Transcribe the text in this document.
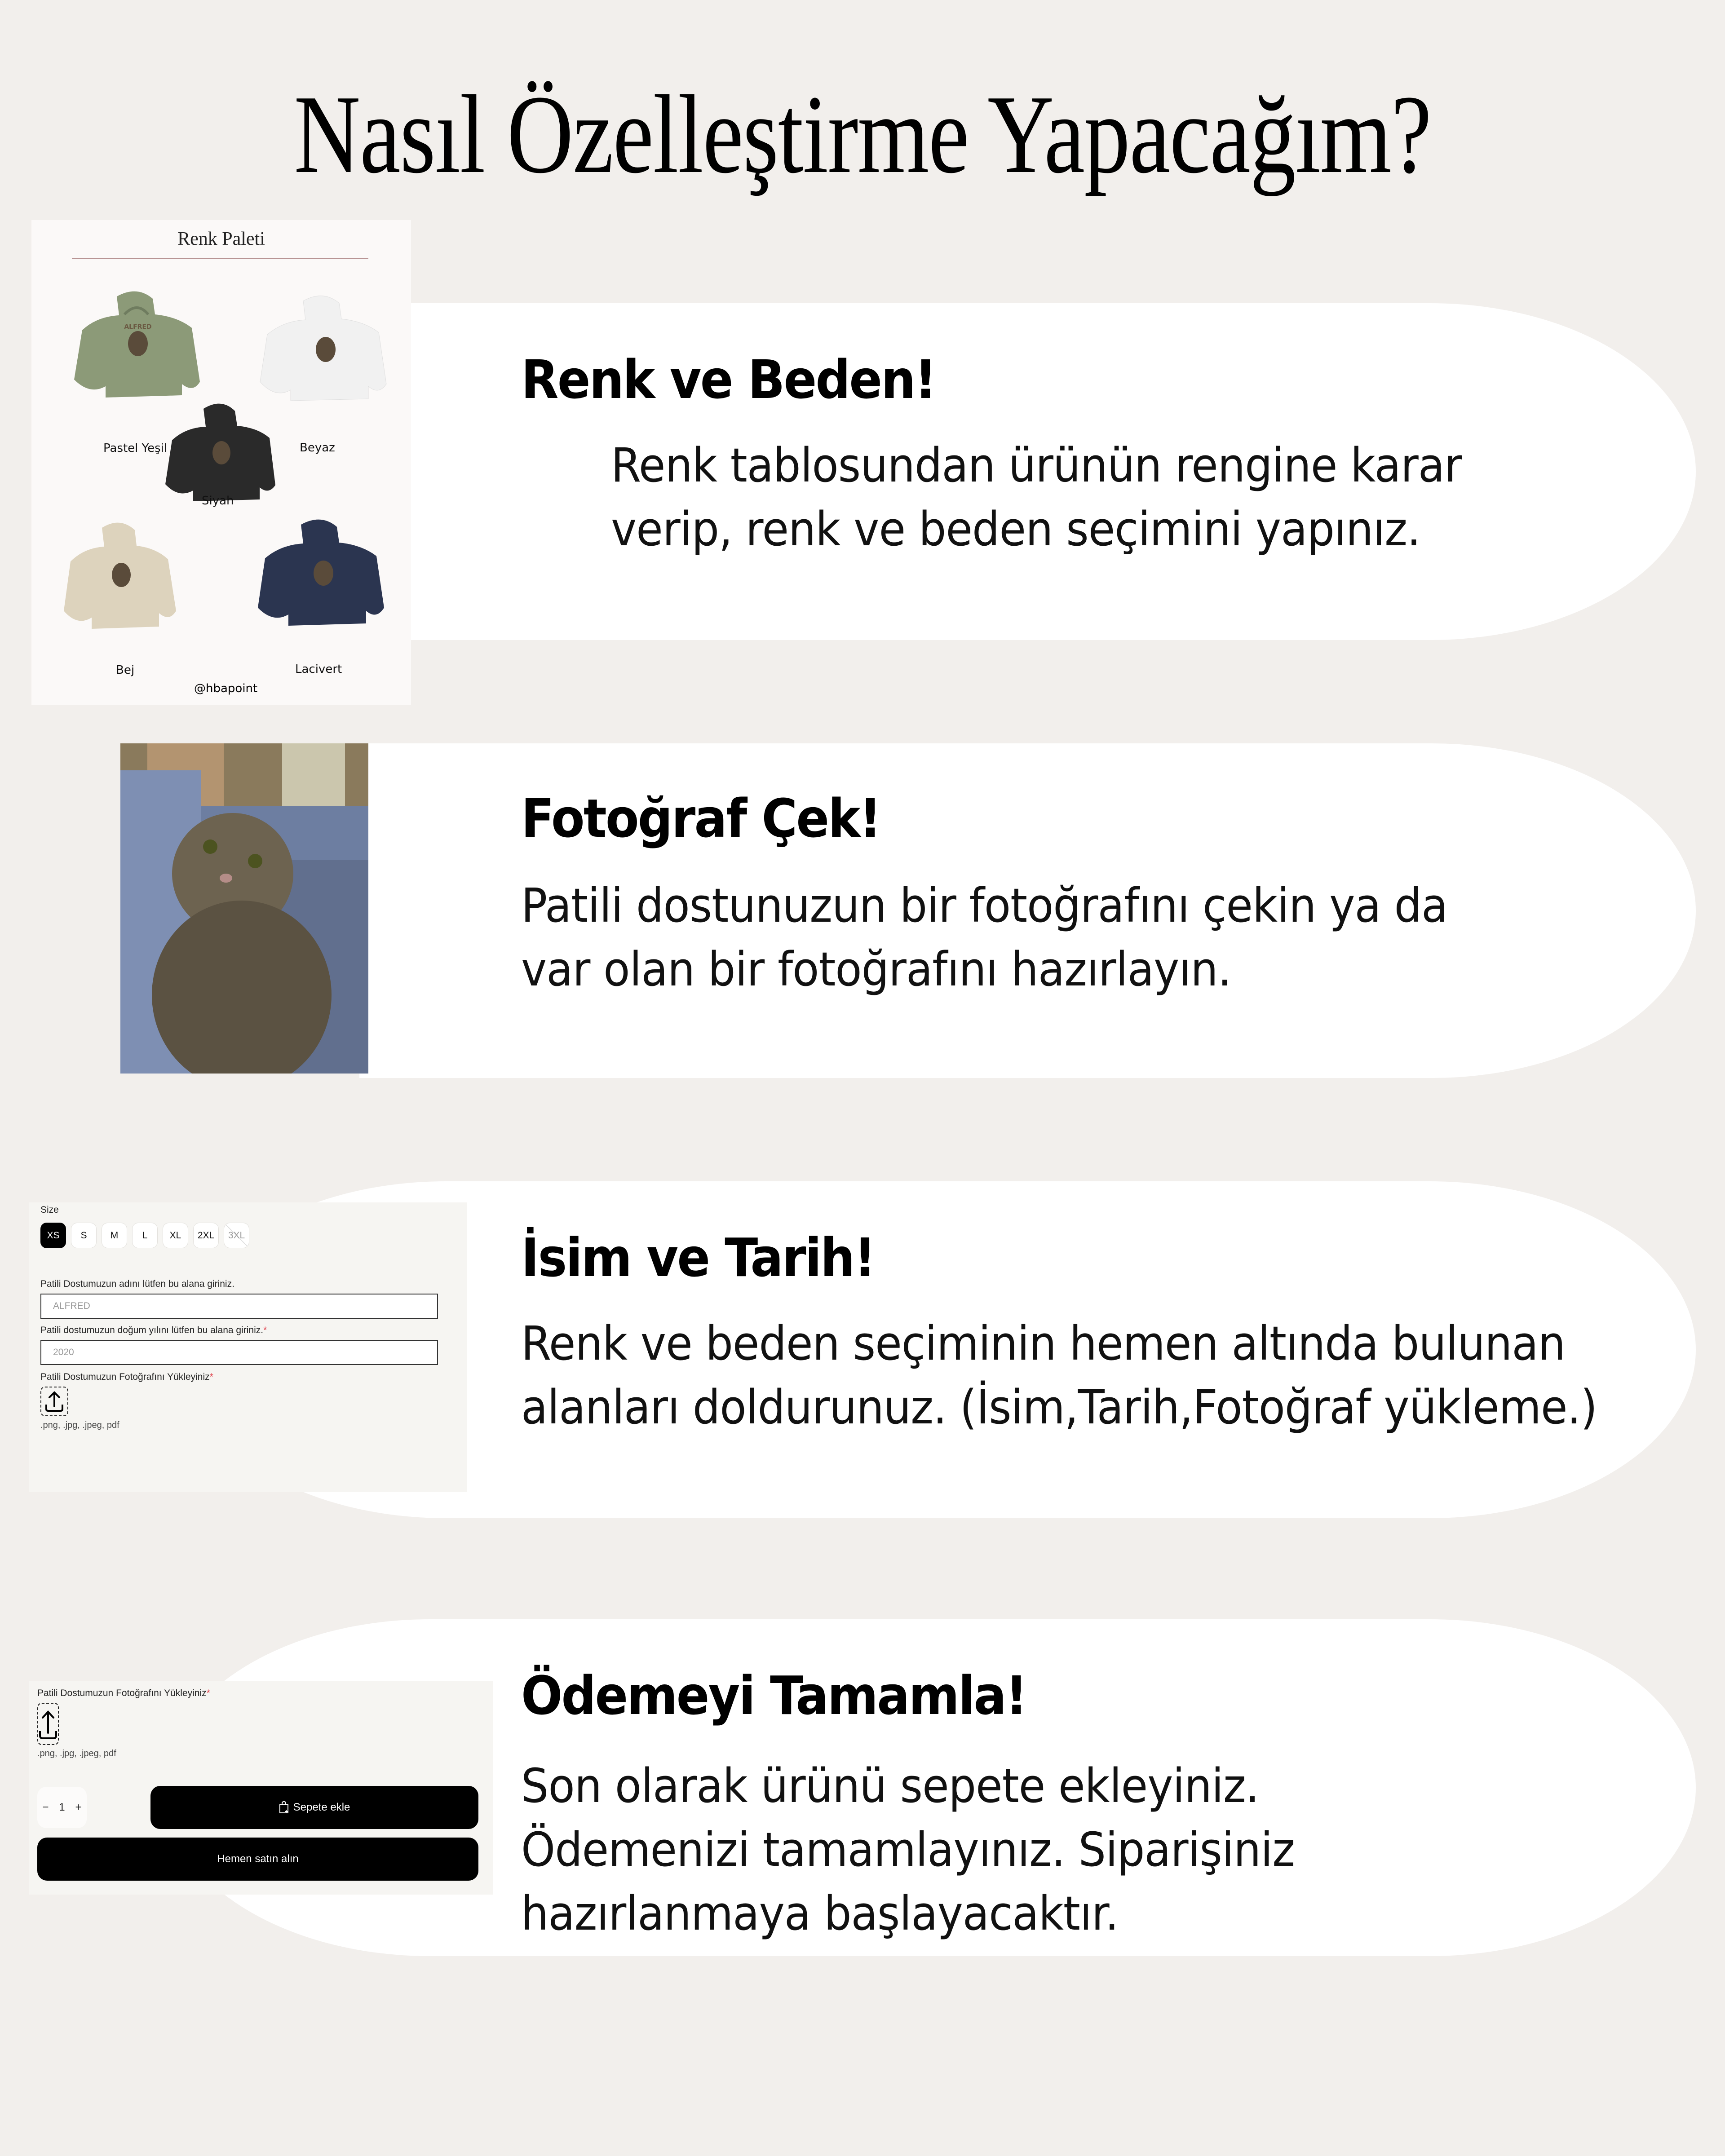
Nasıl Özelleştirme Yapacağım?
Renk Paleti
ALFRED
Pastel Yeşil	Beyaz
Siyah
Bej	Lacivert
@hbapoint
Renk ve Beden!
Renk tablosundan ürünün rengine karar
verip, renk ve beden seçimini yapınız.
Fotoğraf Çek!
Patili dostunuzun bir fotoğrafını çekin ya da
var olan bir fotoğrafını hazırlayın.
Size
XS	S	M	L	XL	2XL	3XL
Patili Dostumuzun adını lütfen bu alana giriniz.
ALFRED
Patili dostumuzun doğum yılını lütfen bu alana giriniz.*
2020
Patili Dostumuzun Fotoğrafını Yükleyiniz*
.png, .jpg, .jpeg, pdf
İsim ve Tarih!
Renk ve beden seçiminin hemen altında bulunan
alanları doldurunuz. (İsim,Tarih,Fotoğraf yükleme.)
Patili Dostumuzun Fotoğrafını Yükleyiniz*
.png, .jpg, .jpeg, pdf
− 1 +	Sepete ekle
Hemen satın alın
Ödemeyi Tamamla!
Son olarak ürünü sepete ekleyiniz.
Ödemenizi tamamlayınız. Siparişiniz
hazırlanmaya başlayacaktır.
